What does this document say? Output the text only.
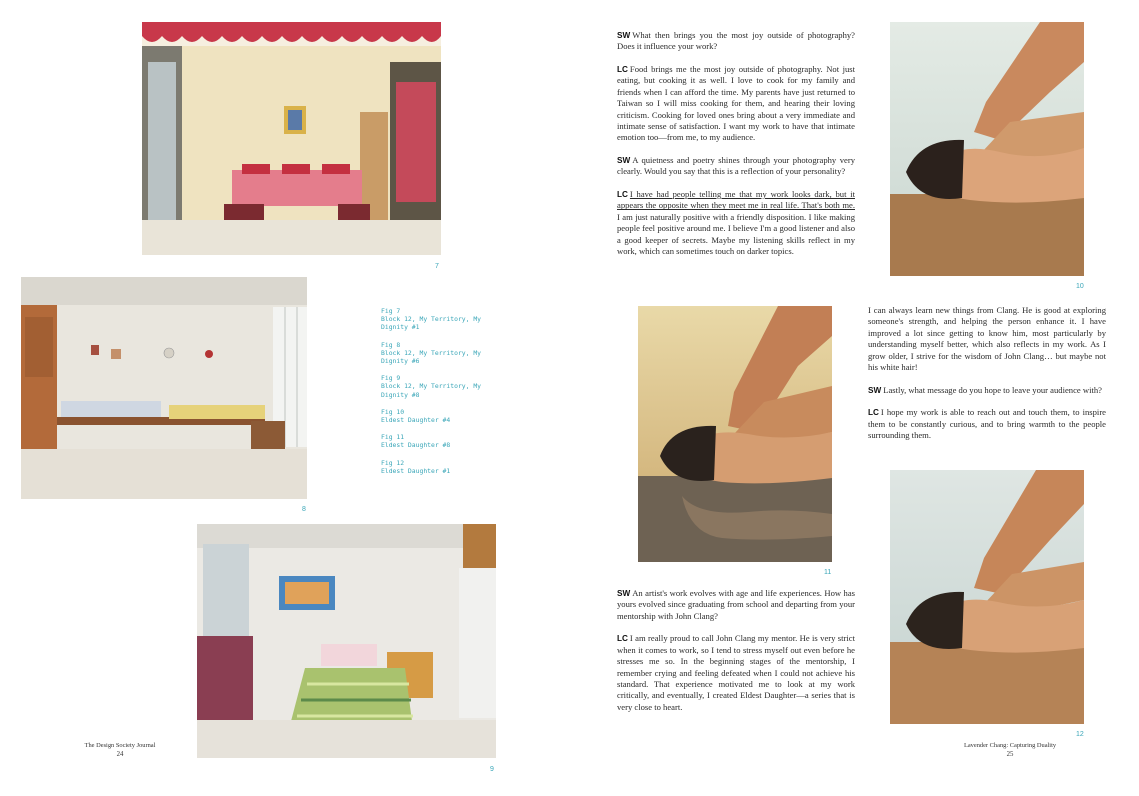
7
8
9
10
11
12
Fig 7
Block 12, My Territory, My Dignity #1
Fig 8
Block 12, My Territory, My Dignity #6
Fig 9
Block 12, My Territory, My Dignity #8
Fig 10
Eldest Daughter #4
Fig 11
Eldest Daughter #8
Fig 12
Eldest Daughter #1

SW What then brings you the most joy outside of photography? Does it influence your work?

LC Food brings me the most joy outside of photography. Not just eating, but cooking it as well. I love to cook for my family and friends when I can afford the time. My parents have just returned to Taiwan so I will miss cooking for them, and hearing their loving criticism. Cooking for loved ones bring about a very immediate and intimate sense of satisfaction. I want my work to have that intimate emotion too—from me, to my audience.

SW A quietness and poetry shines through your photography very clearly. Would you say that this is a reflection of your personality?

LC I have had people telling me that my work looks dark, but it appears the opposite when they meet me in real life. That's both me. I am just naturally positive with a friendly disposition. I like making people feel positive around me. I believe I'm a good listener and also a good keeper of secrets. Maybe my listening skills reflect in my work, which can sometimes touch on darker topics.

SW An artist's work evolves with age and life experiences. How has yours evolved since graduating from school and departing from your mentorship with John Clang?

LC I am really proud to call John Clang my mentor. He is very strict when it comes to work, so I tend to stress myself out even before he stresses me so. In the beginning stages of the mentorship, I remember crying and feeling defeated when I could not achieve his standard. That experience motivated me to look at my work critically, and eventually, I created Eldest Daughter—a series that is very close to heart.

I can always learn new things from Clang. He is good at exploring someone's strength, and helping the person enhance it. I have improved a lot since getting to know him, most particularly by understanding myself better, which also reflects in my work. As I grow older, I strive for the wisdom of John Clang… but maybe not his white hair!

SW Lastly, what message do you hope to leave your audience with?

LC I hope my work is able to reach out and touch them, to inspire them to be constantly curious, and to bring warmth to the people surrounding them.

The Design Society Journal
24
Lavender Chang: Capturing Duality
25
